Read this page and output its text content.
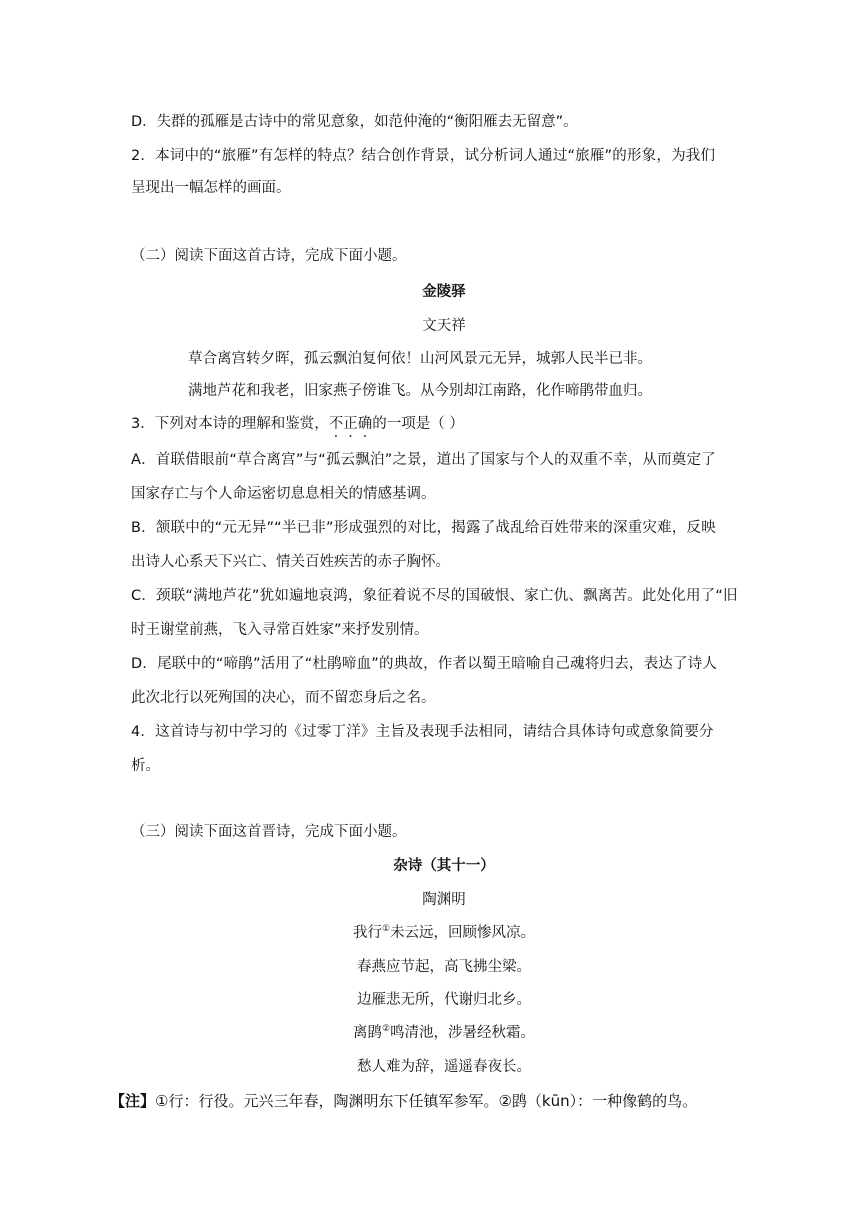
D．失群的孤雁是古诗中的常见意象，如范仲淹的“衡阳雁去无留意”。
2．本词中的“旅雁”有怎样的特点？结合创作背景，试分析词人通过“旅雁”的形象，为我们
呈现出一幅怎样的画面。
（二）阅读下面这首古诗，完成下面小题。
金陵驿
文天祥
草合离宫转夕晖，孤云飘泊复何依！山河风景元无异，城郭人民半已非。
满地芦花和我老，旧家燕子傍谁飞。从今别却江南路，化作啼鹃带血归。
3．下列对本诗的理解和鉴赏，不正确的一项是（ ）
A．首联借眼前“草合离宫”与“孤云飘泊”之景，道出了国家与个人的双重不幸，从而奠定了
国家存亡与个人命运密切息息相关的情感基调。
B．颔联中的“元无异”“半已非”形成强烈的对比，揭露了战乱给百姓带来的深重灾难，反映
出诗人心系天下兴亡、情关百姓疾苦的赤子胸怀。
C．颈联“满地芦花”犹如遍地哀鸿，象征着说不尽的国破恨、家亡仇、飘离苦。此处化用了“旧
时王谢堂前燕，飞入寻常百姓家”来抒发别情。
D．尾联中的“啼鹃”活用了“杜鹃啼血”的典故，作者以蜀王暗喻自己魂将归去，表达了诗人
此次北行以死殉国的决心，而不留恋身后之名。
4．这首诗与初中学习的《过零丁洋》主旨及表现手法相同，请结合具体诗句或意象简要分
析。
（三）阅读下面这首晋诗，完成下面小题。
杂诗（其十一）
陶渊明
我行①未云远，回顾惨风凉。
春燕应节起，高飞拂尘梁。
边雁悲无所，代谢归北乡。
离鹍②鸣清池，涉暑经秋霜。
愁人难为辞，遥遥春夜长。
【注】①行：行役。元兴三年春，陶渊明东下任镇军参军。②鹍（kūn）：一种像鹤的鸟。
